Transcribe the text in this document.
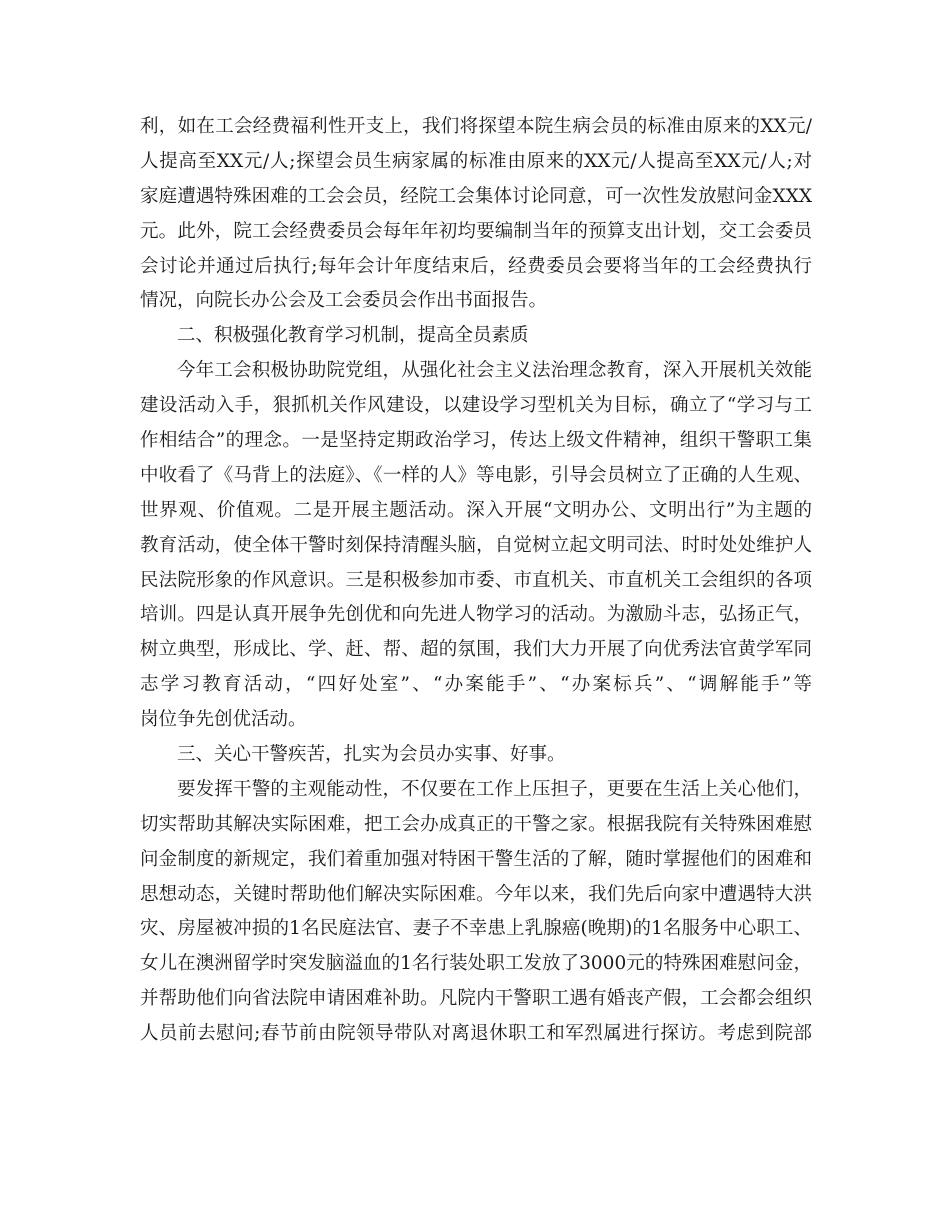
利，如在工会经费福利性开支上，我们将探望本院生病会员的标准由原来的XX元/
人提高至XX元/人;探望会员生病家属的标准由原来的XX元/人提高至XX元/人;对
家庭遭遇特殊困难的工会会员，经院工会集体讨论同意，可一次性发放慰问金XXX
元。此外，院工会经费委员会每年年初均要编制当年的预算支出计划，交工会委员
会讨论并通过后执行;每年会计年度结束后，经费委员会要将当年的工会经费执行
情况，向院长办公会及工会委员会作出书面报告。
二、积极强化教育学习机制，提高全员素质
今年工会积极协助院党组，从强化社会主义法治理念教育，深入开展机关效能
建设活动入手，狠抓机关作风建设，以建设学习型机关为目标，确立了“学习与工
作相结合”的理念。一是坚持定期政治学习，传达上级文件精神，组织干警职工集
中收看了《马背上的法庭》、《一样的人》等电影，引导会员树立了正确的人生观、
世界观、价值观。二是开展主题活动。深入开展“文明办公、文明出行”为主题的
教育活动，使全体干警时刻保持清醒头脑，自觉树立起文明司法、时时处处维护人
民法院形象的作风意识。三是积极参加市委、市直机关、市直机关工会组织的各项
培训。四是认真开展争先创优和向先进人物学习的活动。为激励斗志，弘扬正气，
树立典型，形成比、学、赶、帮、超的氛围，我们大力开展了向优秀法官黄学军同
志学习教育活动，“四好处室”、“办案能手”、“办案标兵”、“调解能手”等
岗位争先创优活动。
三、关心干警疾苦，扎实为会员办实事、好事。
要发挥干警的主观能动性，不仅要在工作上压担子，更要在生活上关心他们，
切实帮助其解决实际困难，把工会办成真正的干警之家。根据我院有关特殊困难慰
问金制度的新规定，我们着重加强对特困干警生活的了解，随时掌握他们的困难和
思想动态，关键时帮助他们解决实际困难。今年以来，我们先后向家中遭遇特大洪
灾、房屋被冲损的1名民庭法官、妻子不幸患上乳腺癌(晚期)的1名服务中心职工、
女儿在澳洲留学时突发脑溢血的1名行装处职工发放了3000元的特殊困难慰问金，
并帮助他们向省法院申请困难补助。凡院内干警职工遇有婚丧产假，工会都会组织
人员前去慰问;春节前由院领导带队对离退休职工和军烈属进行探访。考虑到院部
